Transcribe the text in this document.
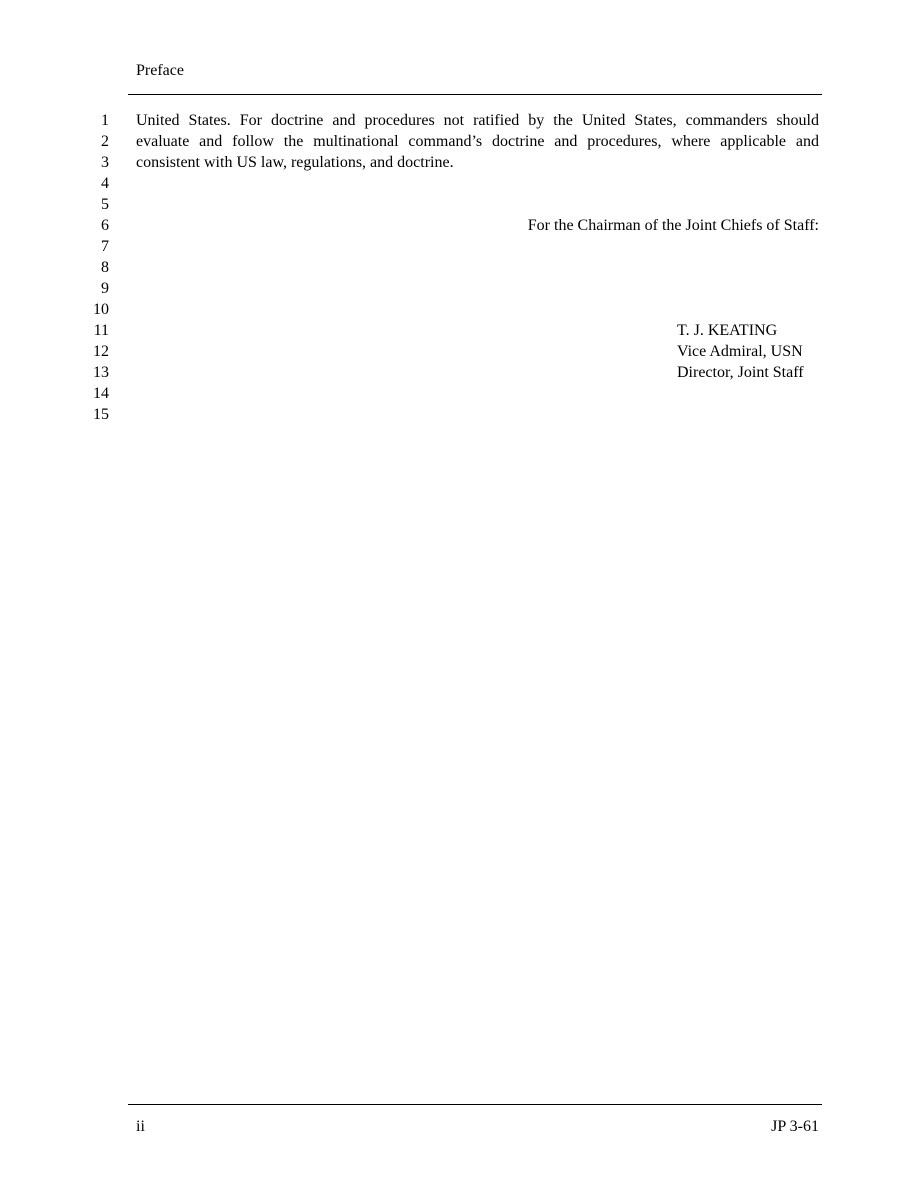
Preface
1
2
3
4
5
6
7
8
9
10
11
12
13
14
15
United States. For doctrine and procedures not ratified by the United States, commanders should
evaluate and follow the multinational command’s doctrine and procedures, where applicable and
consistent with US law, regulations, and doctrine.
For the Chairman of the Joint Chiefs of Staff:
T. J. KEATING
Vice Admiral, USN
Director, Joint Staff
ii	JP 3-61
